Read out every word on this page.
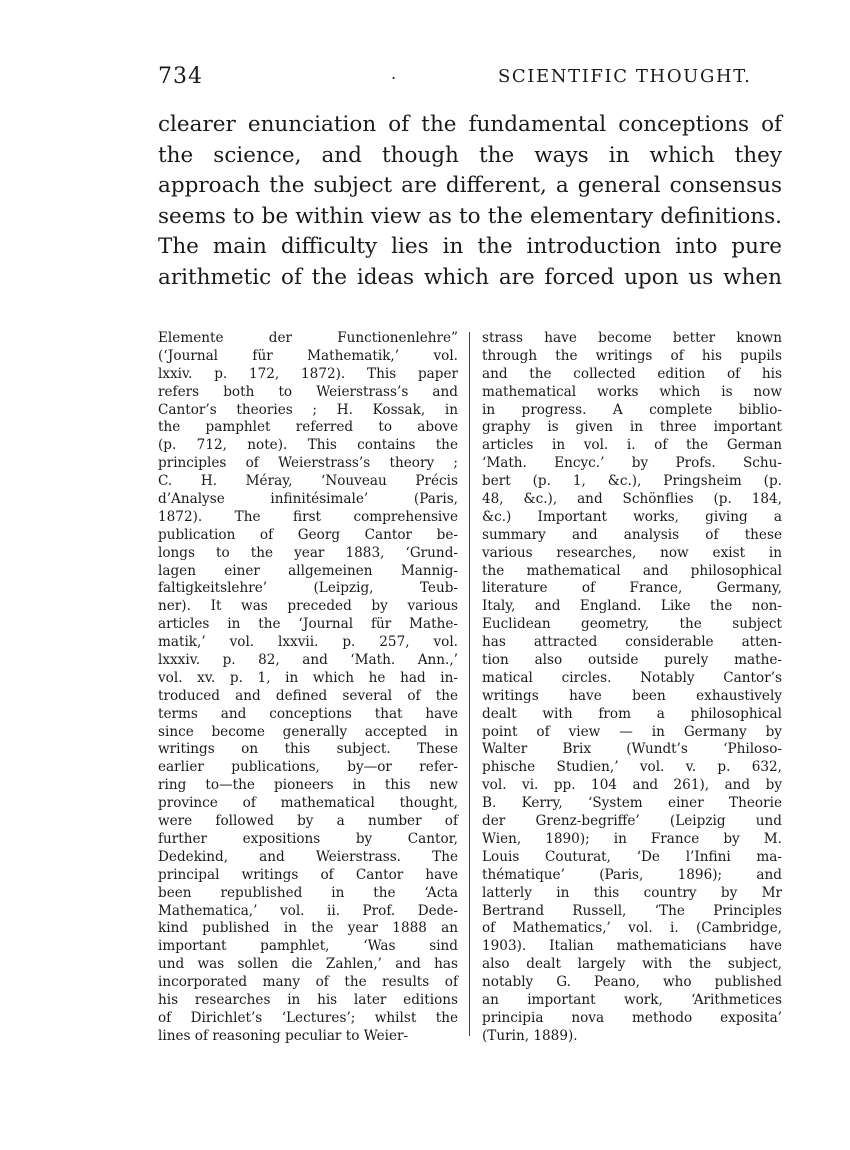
734	.	SCIENTIFIC THOUGHT.
clearer enunciation of the fundamental conceptions of
the science, and though the ways in which they
approach the subject are different, a general consensus
seems to be within view as to the elementary definitions.
The main difficulty lies in the introduction into pure
arithmetic of the ideas which are forced upon us when
Elemente der Functionenlehre”
(‘Journal für Mathematik,’ vol.
lxxiv. p. 172, 1872). This paper
refers both to Weierstrass’s and
Cantor’s theories ; H. Kossak, in
the pamphlet referred to above
(p. 712, note). This contains the
principles of Weierstrass’s theory ;
C. H. Méray, ‘Nouveau Précis
d’Analyse infinitésimale’ (Paris,
1872). The first comprehensive
publication of Georg Cantor be-
longs to the year 1883, ‘Grund-
lagen einer allgemeinen Mannig-
faltigkeitslehre’ (Leipzig, Teub-
ner). It was preceded by various
articles in the ‘Journal für Mathe-
matik,’ vol. lxxvii. p. 257, vol.
lxxxiv. p. 82, and ‘Math. Ann.,’
vol. xv. p. 1, in which he had in-
troduced and defined several of the
terms and conceptions that have
since become generally accepted in
writings on this subject. These
earlier publications, by—or refer-
ring to—the pioneers in this new
province of mathematical thought,
were followed by a number of
further expositions by Cantor,
Dedekind, and Weierstrass. The
principal writings of Cantor have
been republished in the ‘Acta
Mathematica,’ vol. ii. Prof. Dede-
kind published in the year 1888 an
important pamphlet, ‘Was sind
und was sollen die Zahlen,’ and has
incorporated many of the results of
his researches in his later editions
of Dirichlet’s ‘Lectures’; whilst the
lines of reasoning peculiar to Weier-
strass have become better known
through the writings of his pupils
and the collected edition of his
mathematical works which is now
in progress. A complete biblio-
graphy is given in three important
articles in vol. i. of the German
‘Math. Encyc.’ by Profs. Schu-
bert (p. 1, &c.), Pringsheim (p.
48, &c.), and Schönflies (p. 184,
&c.) Important works, giving a
summary and analysis of these
various researches, now exist in
the mathematical and philosophical
literature of France, Germany,
Italy, and England. Like the non-
Euclidean geometry, the subject
has attracted considerable atten-
tion also outside purely mathe-
matical circles. Notably Cantor’s
writings have been exhaustively
dealt with from a philosophical
point of view — in Germany by
Walter Brix (Wundt’s ‘Philoso-
phische Studien,’ vol. v. p. 632,
vol. vi. pp. 104 and 261), and by
B. Kerry, ‘System einer Theorie
der Grenz-begriffe’ (Leipzig und
Wien, 1890); in France by M.
Louis Couturat, ‘De l’Infini ma-
thématique’ (Paris, 1896); and
latterly in this country by Mr
Bertrand Russell, ‘The Principles
of Mathematics,’ vol. i. (Cambridge,
1903). Italian mathematicians have
also dealt largely with the subject,
notably G. Peano, who published
an important work, ‘Arithmetices
principia nova methodo exposita’
(Turin, 1889).
